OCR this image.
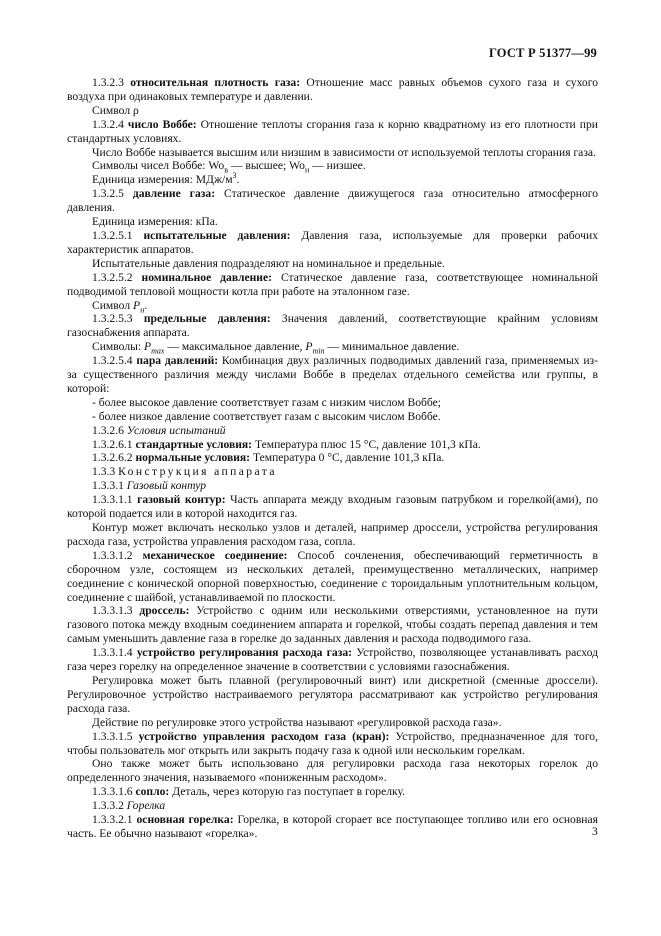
ГОСТ Р 51377—99

1.3.2.3 относительная плотность газа: Отношение масс равных объемов сухого газа и сухого воздуха при одинаковых температуре и давлении.

Символ ρ

1.3.2.4 число Воббе: Отношение теплоты сгорания газа к корню квадратному из его плотности при стандартных условиях.

Число Воббе называется высшим или низшим в зависимости от используемой теплоты сгорания газа.

Символы чисел Воббе: $Wo_в$ — высшее; $Wo_н$ — низшее.

Единица измерения: МДж/$м^3$.

1.3.2.5 давление газа: Статическое давление движущегося газа относительно атмосферного давления.

Единица измерения: кПа.

1.3.2.5.1 испытательные давления: Давления газа, используемые для проверки рабочих характеристик аппаратов.

Испытательные давления подразделяют на номинальное и предельные.

1.3.2.5.2 номинальное давление: Статическое давление газа, соответствующее номинальной подводимой тепловой мощности котла при работе на эталонном газе.

Символ $P_н$.

1.3.2.5.3 предельные давления: Значения давлений, соответствующие крайним условиям газоснабжения аппарата.

Символы: $P_{max}$ — максимальное давление, $P_{min}$ — минимальное давление.

1.3.2.5.4 пара давлений: Комбинация двух различных подводимых давлений газа, применяемых из-за существенного различия между числами Воббе в пределах отдельного семейства или группы, в которой:

- более высокое давление соответствует газам с низким числом Воббе;

- более низкое давление соответствует газам с высоким числом Воббе.

1.3.2.6 Условия испытаний

1.3.2.6.1 стандартные условия: Температура плюс 15 °С, давление 101,3 кПа.

1.3.2.6.2 нормальные условия: Температура 0 °С, давление 101,3 кПа.

1.3.3 Конструкция аппарата

1.3.3.1 Газовый контур

1.3.3.1.1 газовый контур: Часть аппарата между входным газовым патрубком и горелкой(ами), по которой подается или в которой находится газ.

Контур может включать несколько узлов и деталей, например дроссели, устройства регулирования расхода газа, устройства управления расходом газа, сопла.

1.3.3.1.2 механическое соединение: Способ сочленения, обеспечивающий герметичность в сборочном узле, состоящем из нескольких деталей, преимущественно металлических, например соединение с конической опорной поверхностью, соединение с тороидальным уплотнительным кольцом, соединение с шайбой, устанавливаемой по плоскости.

1.3.3.1.3 дроссель: Устройство с одним или несколькими отверстиями, установленное на пути газового потока между входным соединением аппарата и горелкой, чтобы создать перепад давления и тем самым уменьшить давление газа в горелке до заданных давления и расхода подводимого газа.

1.3.3.1.4 устройство регулирования расхода газа: Устройство, позволяющее устанавливать расход газа через горелку на определенное значение в соответствии с условиями газоснабжения.

Регулировка может быть плавной (регулировочный винт) или дискретной (сменные дроссели). Регулировочное устройство настраиваемого регулятора рассматривают как устройство регулирования расхода газа.

Действие по регулировке этого устройства называют «регулировкой расхода газа».

1.3.3.1.5 устройство управления расходом газа (кран): Устройство, предназначенное для того, чтобы пользователь мог открыть или закрыть подачу газа к одной или нескольким горелкам.

Оно также может быть использовано для регулировки расхода газа некоторых горелок до определенного значения, называемого «пониженным расходом».

1.3.3.1.6 сопло: Деталь, через которую газ поступает в горелку.

1.3.3.2 Горелка

1.3.3.2.1 основная горелка: Горелка, в которой сгорает все поступающее топливо или его основная часть. Ее обычно называют «горелка».	3
